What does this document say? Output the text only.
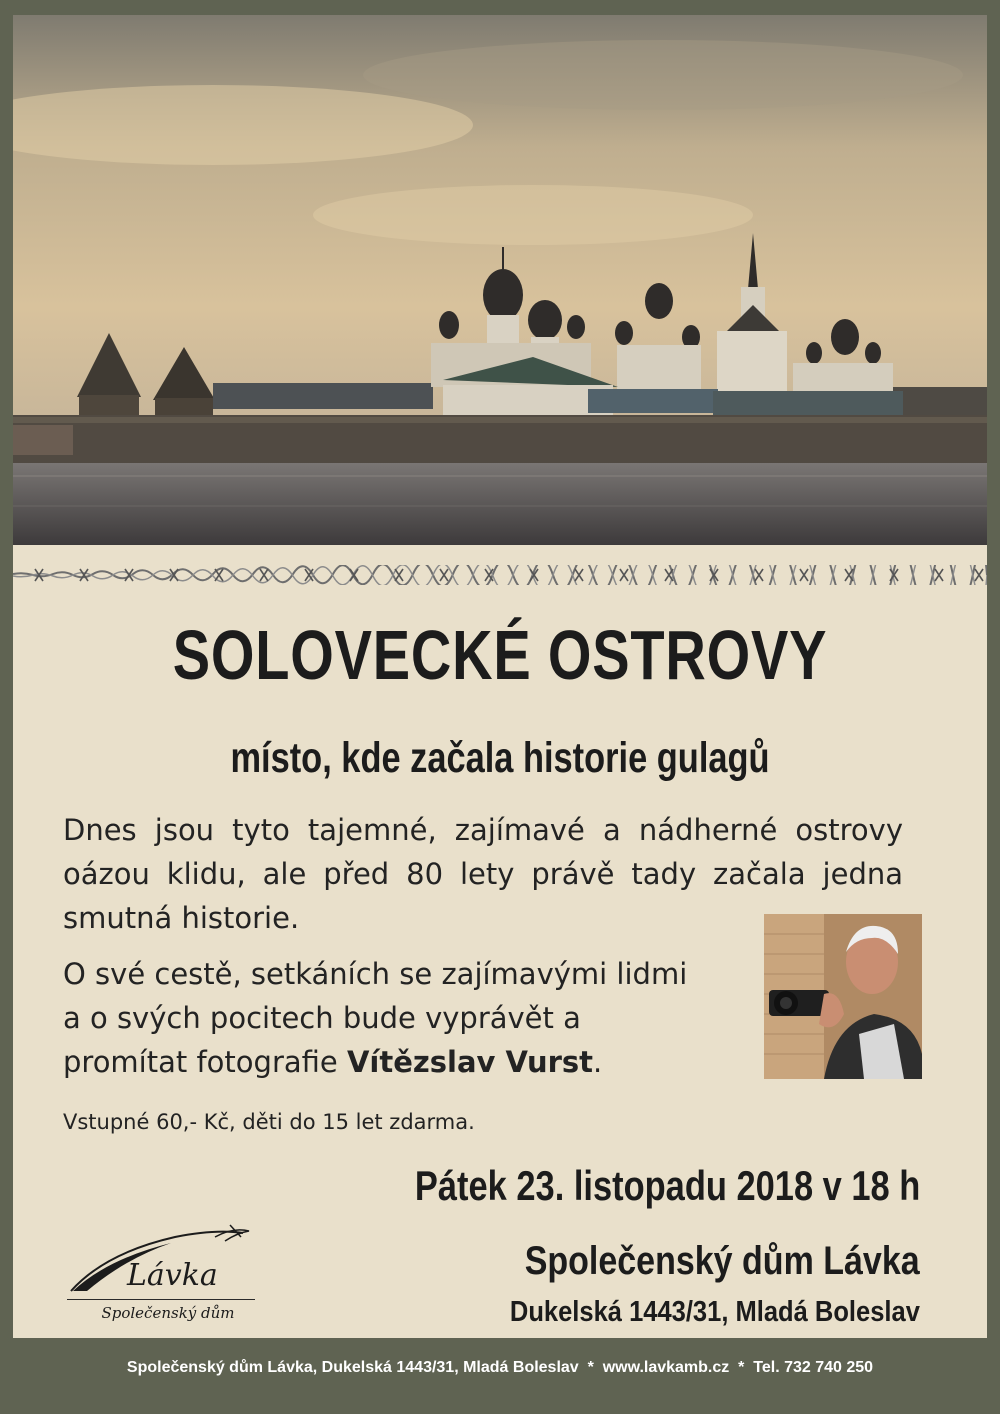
SOLOVECKÉ OSTROVY
místo, kde začala historie gulagů

Dnes jsou tyto tajemné, zajímavé a nádherné ostrovy oázou klidu, ale před 80 lety právě tady začala jedna smutná historie.

O své cestě, setkáních se zajímavými lidmi a o svých pocitech bude vyprávět a promítat fotografie Vítězslav Vurst.

Vstupné 60,- Kč, děti do 15 let zdarma.

Pátek 23. listopadu 2018 v 18 h

Společenský dům Lávka

Dukelská 1443/31, Mladá Boleslav

Lávka
Společenský dům

Společenský dům Lávka, Dukelská 1443/31, Mladá Boleslav  *  www.lavkamb.cz  *  Tel. 732 740 250
